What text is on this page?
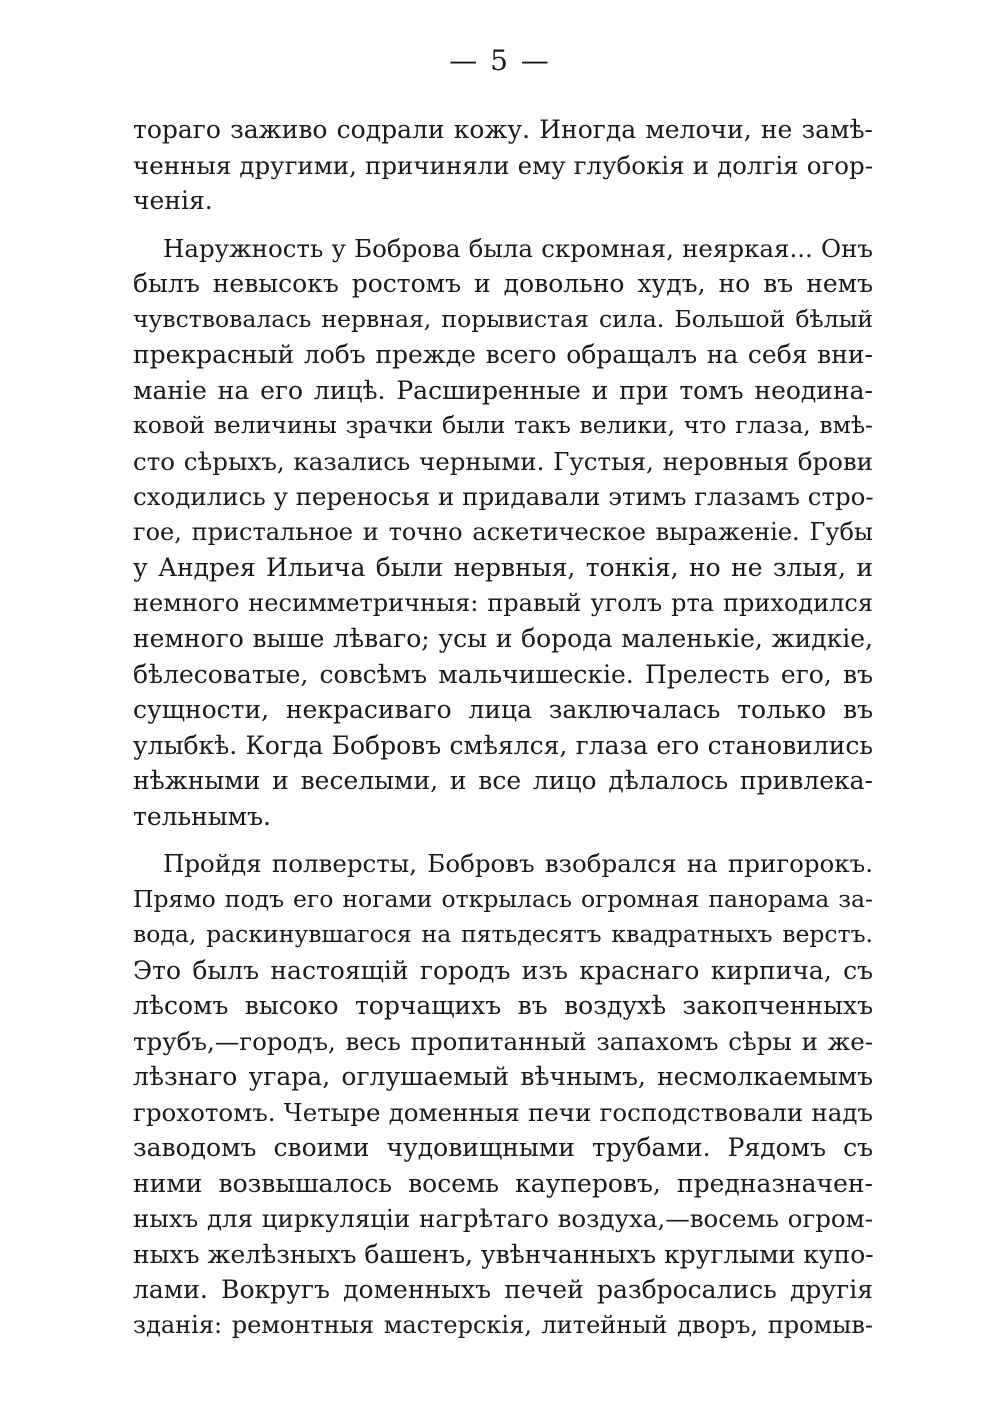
— 5 —
тораго заживо содрали кожу. Иногда мелочи, не замѣ-
ченныя другими, причиняли ему глубокія и долгія огор-
ченія.
Наружность у Боброва была скромная, неяркая... Онъ
былъ невысокъ ростомъ и довольно худъ, но въ немъ
чувствовалась нервная, порывистая сила. Большой бѣлый
прекрасный лобъ прежде всего обращалъ на себя вни-
маніе на его лицѣ. Расширенные и при томъ неодина-
ковой величины зрачки были такъ велики, что глаза, вмѣ-
сто сѣрыхъ, казались черными. Густыя, неровныя брови
сходились у переносья и придавали этимъ глазамъ стро-
гое, пристальное и точно аскетическое выраженіе. Губы
у Андрея Ильича были нервныя, тонкія, но не злыя, и
немного несимметричныя: правый уголъ рта приходился
немного выше лѣваго; усы и борода маленькіе, жидкіе,
бѣлесоватые, совсѣмъ мальчишескіе. Прелесть его, въ
сущности, некрасиваго лица заключалась только въ
улыбкѣ. Когда Бобровъ смѣялся, глаза его становились
нѣжными и веселыми, и все лицо дѣлалось привлека-
тельнымъ.
Пройдя полверсты, Бобровъ взобрался на пригорокъ.
Прямо подъ его ногами открылась огромная панорама за-
вода, раскинувшагося на пятьдесятъ квадратныхъ верстъ.
Это былъ настоящій городъ изъ краснаго кирпича, съ
лѣсомъ высоко торчащихъ въ воздухѣ закопченныхъ
трубъ,—городъ, весь пропитанный запахомъ сѣры и же-
лѣзнаго угара, оглушаемый вѣчнымъ, несмолкаемымъ
грохотомъ. Четыре доменныя печи господствовали надъ
заводомъ своими чудовищными трубами. Рядомъ съ
ними возвышалось восемь кауперовъ, предназначен-
ныхъ для циркуляціи нагрѣтаго воздуха,—восемь огром-
ныхъ желѣзныхъ башенъ, увѣнчанныхъ круглыми купо-
лами. Вокругъ доменныхъ печей разбросались другія
зданія: ремонтныя мастерскія, литейный дворъ, промыв-
